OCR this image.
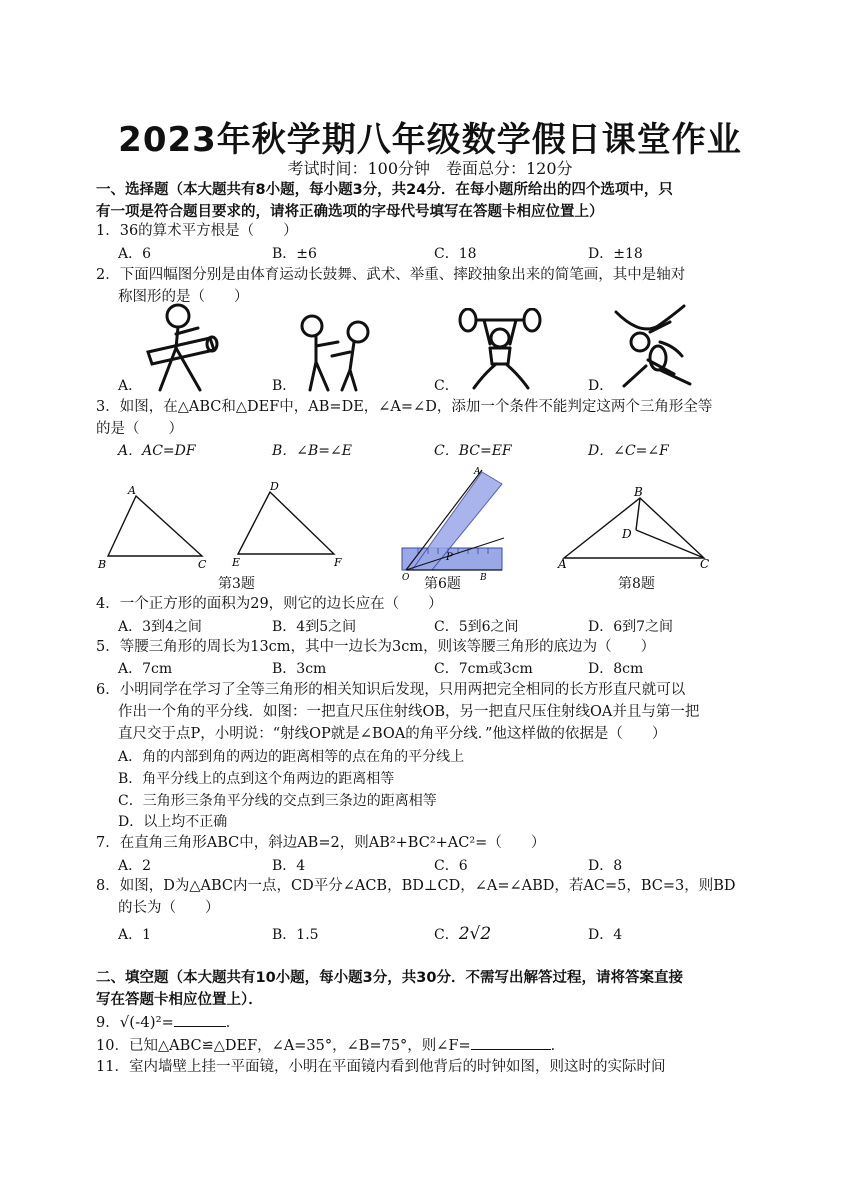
2023年秋学期八年级数学假日课堂作业
考试时间：100分钟　卷面总分：120分
一、选择题（本大题共有8小题，每小题3分，共24分．在每小题所给出的四个选项中，只
有一项是符合题目要求的，请将正确选项的字母代号填写在答题卡相应位置上）
1．36的算术平方根是（　　）
A．6	B．±6	C．18	D．±18
2．下面四幅图分别是由体育运动长鼓舞、武术、举重、摔跤抽象出来的简笔画，其中是轴对
称图形的是（　　）
A．	B．	C．	D．
3．如图，在△ABC和△DEF中，AB=DE，∠A=∠D，添加一个条件不能判定这两个三角形全等
的是（　　）
A．AC=DF	B．∠B=∠E	C．BC=EF	D．∠C=∠F
A
B	C
D
E	F
A
P
O	B
B
D
A	C
第3题	第6题	第8题
4．一个正方形的面积为29，则它的边长应在（　　）
A．3到4之间	B．4到5之间	C．5到6之间	D．6到7之间
5．等腰三角形的周长为13cm，其中一边长为3cm，则该等腰三角形的底边为（　　）
A．7cm	B．3cm	C．7cm或3cm	D．8cm
6．小明同学在学习了全等三角形的相关知识后发现，只用两把完全相同的长方形直尺就可以
作出一个角的平分线．如图：一把直尺压住射线OB，另一把直尺压住射线OA并且与第一把
直尺交于点P，小明说：“射线OP就是∠BOA的角平分线．”他这样做的依据是（　　）
A．角的内部到角的两边的距离相等的点在角的平分线上
B．角平分线上的点到这个角两边的距离相等
C．三角形三条角平分线的交点到三条边的距离相等
D．以上均不正确
7．在直角三角形ABC中，斜边AB=2，则AB²+BC²+AC²=（　　）
A．2	B．4	C．6	D．8
8．如图，D为△ABC内一点，CD平分∠ACB，BD⊥CD，∠A=∠ABD，若AC=5，BC=3，则BD
的长为（　　）
A．1	B．1.5	C．2√2	D．4
二、填空题（本大题共有10小题，每小题3分，共30分．不需写出解答过程，请将答案直接
写在答题卡相应位置上）．
9．√(-4)²=	．
10．已知△ABC≌△DEF，∠A=35°，∠B=75°，则∠F=	．
11．室内墙壁上挂一平面镜，小明在平面镜内看到他背后的时钟如图，则这时的实际时间
